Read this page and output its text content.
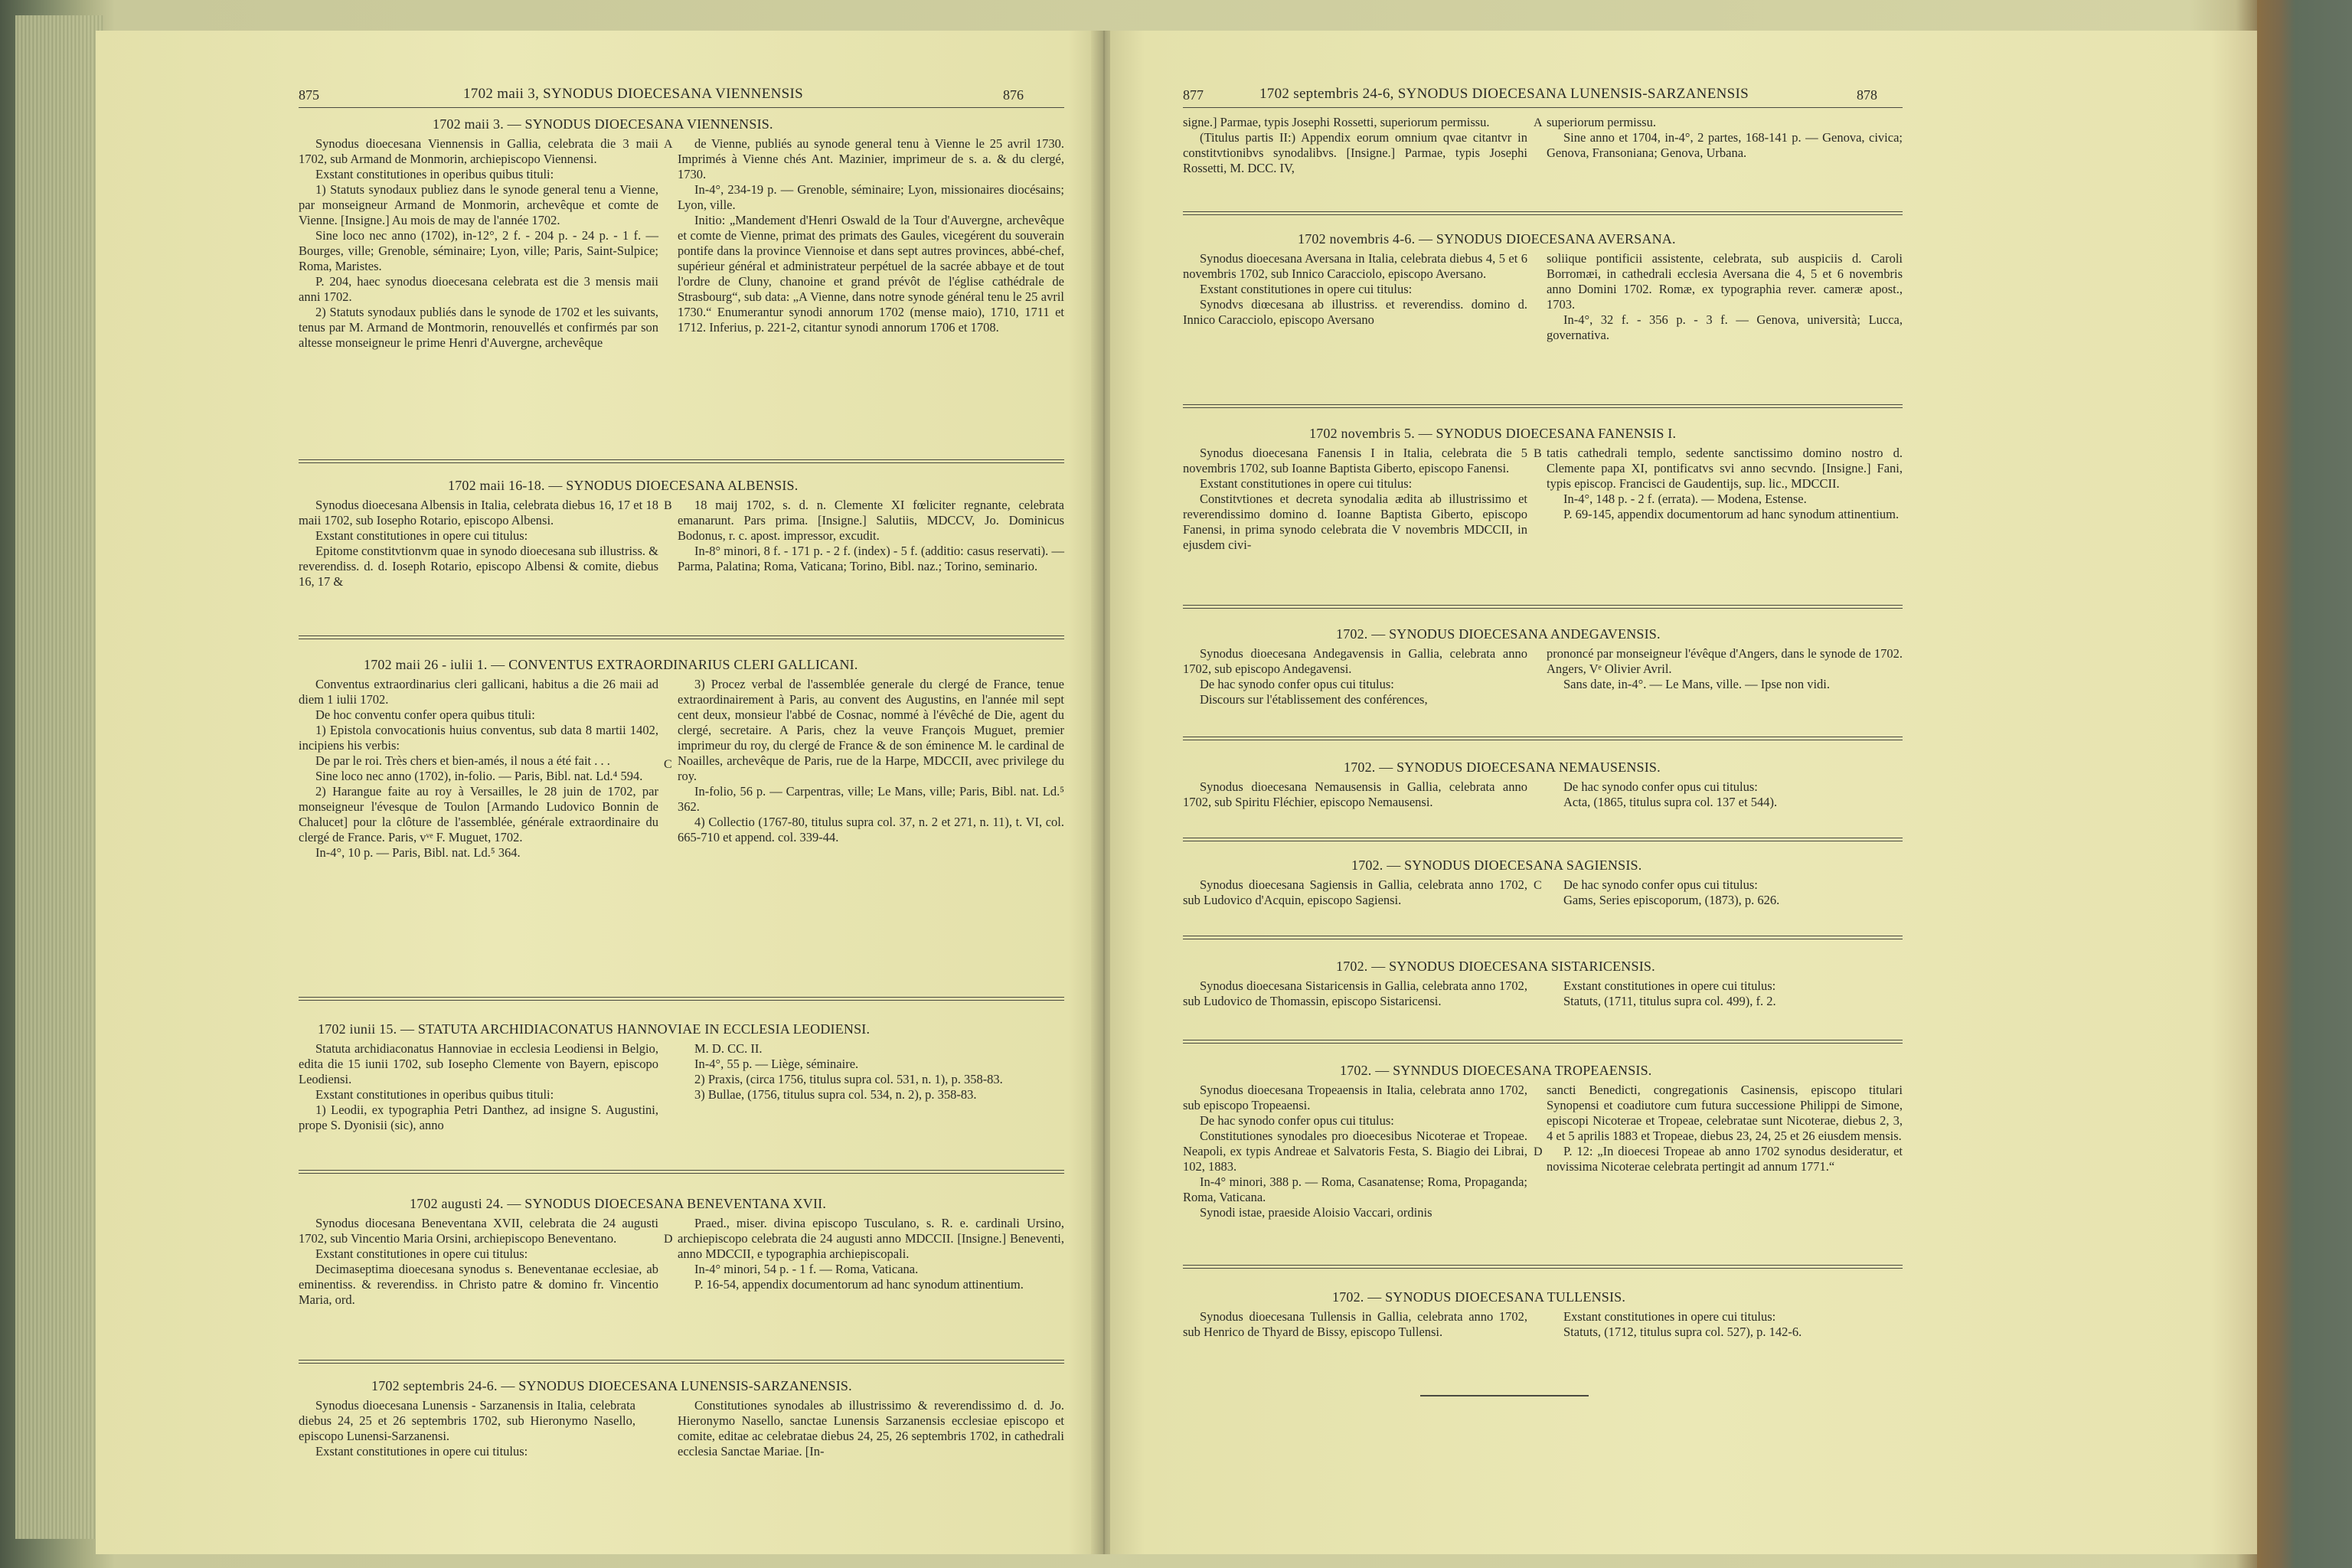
875	1702 maii 3, SYNODUS DIOECESANA VIENNENSIS	876
1702 maii 3. — SYNODUS DIOECESANA VIENNENSIS.

Synodus dioecesana Viennensis in Gallia, celebrata die 3 maii 1702, sub Armand de Monmorin, archiepiscopo Viennensi.

Exstant constitutiones in operibus quibus tituli:

1) Statuts synodaux publiez dans le synode general tenu a Vienne, par monseigneur Armand de Monmorin, archevêque et comte de Vienne. [Insigne.] Au mois de may de l'année 1702.

Sine loco nec anno (1702), in-12°, 2 f. - 204 p. - 24 p. - 1 f. — Bourges, ville; Grenoble, séminaire; Lyon, ville; Paris, Saint-Sulpice; Roma, Maristes.

P. 204, haec synodus dioecesana celebrata est die 3 mensis maii anni 1702.

2) Statuts synodaux publiés dans le synode de 1702 et les suivants, tenus par M. Armand de Montmorin, renouvellés et confirmés par son altesse monseigneur le prime Henri d'Auvergne, archevêque

A	de Vienne, publiés au synode general tenu à Vienne le 25 avril 1730. Imprimés à Vienne chés Ant. Mazinier, imprimeur de s. a. & du clergé, 1730.

In-4°, 234-19 p. — Grenoble, séminaire; Lyon, missionaires diocésains; Lyon, ville.

Initio: „Mandement d'Henri Oswald de la Tour d'Auvergne, archevêque et comte de Vienne, primat des primats des Gaules, vicegérent du souverain pontife dans la province Viennoise et dans sept autres provinces, abbé-chef, supérieur général et administrateur perpétuel de la sacrée abbaye et de tout l'ordre de Cluny, chanoine et grand prévôt de l'église cathédrale de Strasbourg“, sub data: „A Vienne, dans notre synode général tenu le 25 avril 1730.“ Enumerantur synodi annorum 1702 (mense maio), 1710, 1711 et 1712. Inferius, p. 221-2, citantur synodi annorum 1706 et 1708.

1702 maii 16-18. — SYNODUS DIOECESANA ALBENSIS.

Synodus dioecesana Albensis in Italia, celebrata diebus 16, 17 et 18 maii 1702, sub Iosepho Rotario, episcopo Albensi.

Exstant constitutiones in opere cui titulus:

Epitome constitvtionvm quae in synodo dioecesana sub illustriss. & reverendiss. d. d. Ioseph Rotario, episcopo Albensi & comite, diebus 16, 17 &

B	18 maij 1702, s. d. n. Clemente XI fœliciter regnante, celebrata emanarunt. Pars prima. [Insigne.] Salutiis, MDCCV, Jo. Dominicus Bodonus, r. c. apost. impressor, excudit.

In-8° minori, 8 f. - 171 p. - 2 f. (index) - 5 f. (additio: casus reservati). — Parma, Palatina; Roma, Vaticana; Torino, Bibl. naz.; Torino, seminario.

1702 maii 26 - iulii 1. — CONVENTUS EXTRAORDINARIUS CLERI GALLICANI.

Conventus extraordinarius cleri gallicani, habitus a die 26 maii ad diem 1 iulii 1702.

De hoc conventu confer opera quibus tituli:

1) Epistola convocationis huius conventus, sub data 8 martii 1402, incipiens his verbis:

De par le roi. Très chers et bien-amés, il nous a été fait . . .

Sine loco nec anno (1702), in-folio. — Paris, Bibl. nat. Ld.⁴ 594.

2) Harangue faite au roy à Versailles, le 28 juin de 1702, par monseigneur l'évesque de Toulon [Armando Ludovico Bonnin de Chalucet] pour la clôture de l'assemblée, générale extraordinaire du clergé de France. Paris, vᵛᵉ F. Muguet, 1702.

In-4°, 10 p. — Paris, Bibl. nat. Ld.⁵ 364.

C

3) Procez verbal de l'assemblée generale du clergé de France, tenue extraordinairement à Paris, au convent des Augustins, en l'année mil sept cent deux, monsieur l'abbé de Cosnac, nommé à l'évêché de Die, agent du clergé, secretaire. A Paris, chez la veuve François Muguet, premier imprimeur du roy, du clergé de France & de son éminence M. le cardinal de Noailles, archevêque de Paris, rue de la Harpe, MDCCII, avec privilege du roy.

In-folio, 56 p. — Carpentras, ville; Le Mans, ville; Paris, Bibl. nat. Ld.⁵ 362.

4) Collectio (1767-80, titulus supra col. 37, n. 2 et 271, n. 11), t. VI, col. 665-710 et append. col. 339-44.

1702 iunii 15. — STATUTA ARCHIDIACONATUS HANNOVIAE IN ECCLESIA LEODIENSI.

Statuta archidiaconatus Hannoviae in ecclesia Leodiensi in Belgio, edita die 15 iunii 1702, sub Iosepho Clemente von Bayern, episcopo Leodiensi.

Exstant constitutiones in operibus quibus tituli:

1) Leodii, ex typographia Petri Danthez, ad insigne S. Augustini, prope S. Dyonisii (sic), anno

M. D. CC. II.

In-4°, 55 p. — Liège, séminaire.

2) Praxis, (circa 1756, titulus supra col. 531, n. 1), p. 358-83.

3) Bullae, (1756, titulus supra col. 534, n. 2), p. 358-83.

1702 augusti 24. — SYNODUS DIOECESANA BENEVENTANA XVII.

Synodus diocesana Beneventana XVII, celebrata die 24 augusti 1702, sub Vincentio Maria Orsini, archiepiscopo Beneventano.

Exstant constitutiones in opere cui titulus:

Decimaseptima dioecesana synodus s. Beneventanae ecclesiae, ab eminentiss. & reverendiss. in Christo patre & domino fr. Vincentio Maria, ord.

D

Praed., miser. divina episcopo Tusculano, s. R. e. cardinali Ursino, archiepiscopo celebrata die 24 augusti anno MDCCII. [Insigne.] Beneventi, anno MDCCII, e typographia archiepiscopali.

In-4° minori, 54 p. - 1 f. — Roma, Vaticana.

P. 16-54, appendix documentorum ad hanc synodum attinentium.

1702 septembris 24-6. — SYNODUS DIOECESANA LUNENSIS-SARZANENSIS.

Synodus dioecesana Lunensis - Sarzanensis in Italia, celebrata diebus 24, 25 et 26 septembris 1702, sub Hieronymo Nasello, episcopo Lunensi-Sarzanensi.

Exstant constitutiones in opere cui titulus:

Constitutiones synodales ab illustrissimo & reverendissimo d. d. Jo. Hieronymo Nasello, sanctae Lunensis Sarzanensis ecclesiae episcopo et comite, editae ac celebratae diebus 24, 25, 26 septembris 1702, in cathedrali ecclesia Sanctae Mariae. [In-

877	1702 septembris 24-6, SYNODUS DIOECESANA LUNENSIS-SARZANENSIS	878

signe.] Parmae, typis Josephi Rossetti, superiorum permissu.

(Titulus partis II:) Appendix eorum omnium qvae citantvr in constitvtionibvs synodalibvs. [Insigne.] Parmae, typis Josephi Rossetti, M. DCC. IV,

A superiorum permissu.

Sine anno et 1704, in-4°, 2 partes, 168-141 p. — Genova, civica; Genova, Fransoniana; Genova, Urbana.

1702 novembris 4-6. — SYNODUS DIOECESANA AVERSANA.

Synodus dioecesana Aversana in Italia, celebrata diebus 4, 5 et 6 novembris 1702, sub Innico Caracciolo, episcopo Aversano.

Exstant constitutiones in opere cui titulus:

Synodvs diœcesana ab illustriss. et reverendiss. domino d. Innico Caracciolo, episcopo Aversano

soliique pontificii assistente, celebrata, sub auspiciis d. Caroli Borromæi, in cathedrali ecclesia Aversana die 4, 5 et 6 novembris anno Domini 1702. Romæ, ex typographia rever. cameræ apost., 1703.

In-4°, 32 f. - 356 p. - 3 f. — Genova, università; Lucca, governativa.

1702 novembris 5. — SYNODUS DIOECESANA FANENSIS I.

Synodus dioecesana Fanensis I in Italia, celebrata die 5 novembris 1702, sub Ioanne Baptista Giberto, episcopo Fanensi.

Exstant constitutiones in opere cui titulus:

Constitvtiones et decreta synodalia ædita ab illustrissimo et reverendissimo domino d. Ioanne Baptista Giberto, episcopo Fanensi, in prima synodo celebrata die V novembris MDCCII, in ejusdem civi-

B tatis cathedrali templo, sedente sanctissimo domino nostro d. Clemente papa XI, pontificatvs svi anno secvndo. [Insigne.] Fani, typis episcop. Francisci de Gaudentijs, sup. lic., MDCCII.

In-4°, 148 p. - 2 f. (errata). — Modena, Estense.

P. 69-145, appendix documentorum ad hanc synodum attinentium.

1702. — SYNODUS DIOECESANA ANDEGAVENSIS.

Synodus dioecesana Andegavensis in Gallia, celebrata anno 1702, sub episcopo Andegavensi.

De hac synodo confer opus cui titulus:

Discours sur l'établissement des conférences,

prononcé par monseigneur l'évêque d'Angers, dans le synode de 1702. Angers, Vᵉ Olivier Avril.

Sans date, in-4°. — Le Mans, ville. — Ipse non vidi.

1702. — SYNODUS DIOECESANA NEMAUSENSIS.

Synodus dioecesana Nemausensis in Gallia, celebrata anno 1702, sub Spiritu Fléchier, episcopo Nemausensi.

De hac synodo confer opus cui titulus:

Acta, (1865, titulus supra col. 137 et 544).

1702. — SYNODUS DIOECESANA SAGIENSIS.

Synodus dioecesana Sagiensis in Gallia, celebrata anno 1702, sub Ludovico d'Acquin, episcopo Sagiensi.

C	De hac synodo confer opus cui titulus:

Gams, Series episcoporum, (1873), p. 626.

1702. — SYNODUS DIOECESANA SISTARICENSIS.

Synodus dioecesana Sistaricensis in Gallia, celebrata anno 1702, sub Ludovico de Thomassin, episcopo Sistaricensi.

Exstant constitutiones in opere cui titulus:

Statuts, (1711, titulus supra col. 499), f. 2.

1702. — SYNNDUS DIOECESANA TROPEAENSIS.

Synodus dioecesana Tropeaensis in Italia, celebrata anno 1702, sub episcopo Tropeaensi.

De hac synodo confer opus cui titulus:

Constitutiones synodales pro dioecesibus Nicoterae et Tropeae. Neapoli, ex typis Andreae et Salvatoris Festa, S. Biagio dei Librai, 102, 1883.

In-4° minori, 388 p. — Roma, Casanatense; Roma, Propaganda; Roma, Vaticana.

Synodi istae, praeside Aloisio Vaccari, ordinis

D

sancti Benedicti, congregationis Casinensis, episcopo titulari Synopensi et coadiutore cum futura successione Philippi de Simone, episcopi Nicoterae et Tropeae, celebratae sunt Nicoterae, diebus 2, 3, 4 et 5 aprilis 1883 et Tropeae, diebus 23, 24, 25 et 26 eiusdem mensis.

P. 12: „In dioecesi Tropeae ab anno 1702 synodus desideratur, et novissima Nicoterae celebrata pertingit ad annum 1771.“

1702. — SYNODUS DIOECESANA TULLENSIS.

Synodus dioecesana Tullensis in Gallia, celebrata anno 1702, sub Henrico de Thyard de Bissy, episcopo Tullensi.

Exstant constitutiones in opere cui titulus:

Statuts, (1712, titulus supra col. 527), p. 142-6.
